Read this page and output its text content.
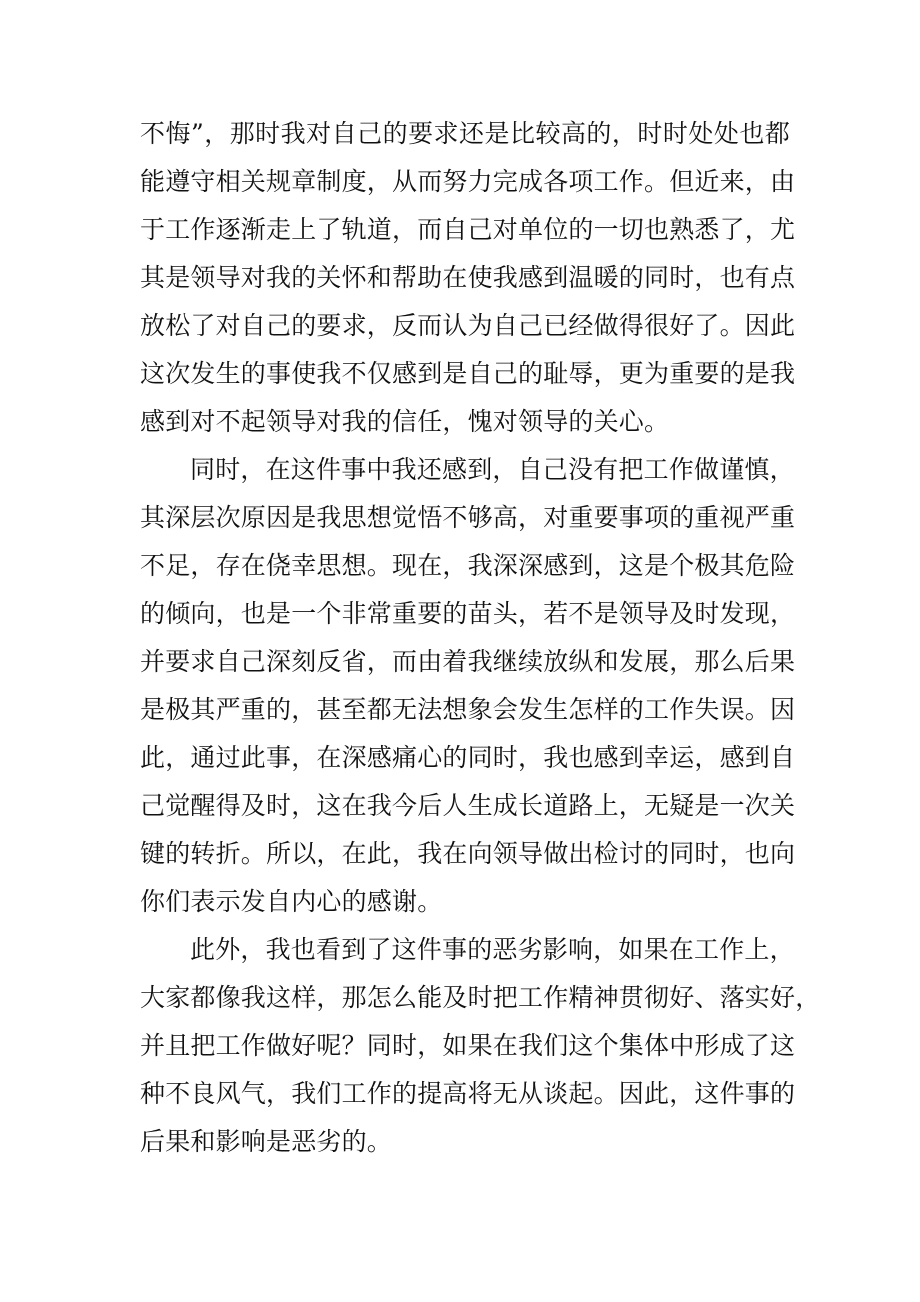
不悔”，那时我对自己的要求还是比较高的，时时处处也都
能遵守相关规章制度，从而努力完成各项工作。但近来，由
于工作逐渐走上了轨道，而自己对单位的一切也熟悉了，尤
其是领导对我的关怀和帮助在使我感到温暖的同时，也有点
放松了对自己的要求，反而认为自己已经做得很好了。因此
这次发生的事使我不仅感到是自己的耻辱，更为重要的是我
感到对不起领导对我的信任，愧对领导的关心。
同时，在这件事中我还感到，自己没有把工作做谨慎，
其深层次原因是我思想觉悟不够高，对重要事项的重视严重
不足，存在侥幸思想。现在，我深深感到，这是个极其危险
的倾向，也是一个非常重要的苗头，若不是领导及时发现，
并要求自己深刻反省，而由着我继续放纵和发展，那么后果
是极其严重的，甚至都无法想象会发生怎样的工作失误。因
此，通过此事，在深感痛心的同时，我也感到幸运，感到自
己觉醒得及时，这在我今后人生成长道路上，无疑是一次关
键的转折。所以，在此，我在向领导做出检讨的同时，也向
你们表示发自内心的感谢。
此外，我也看到了这件事的恶劣影响，如果在工作上，
大家都像我这样，那怎么能及时把工作精神贯彻好、落实好，
并且把工作做好呢？同时，如果在我们这个集体中形成了这
种不良风气，我们工作的提高将无从谈起。因此，这件事的
后果和影响是恶劣的。
